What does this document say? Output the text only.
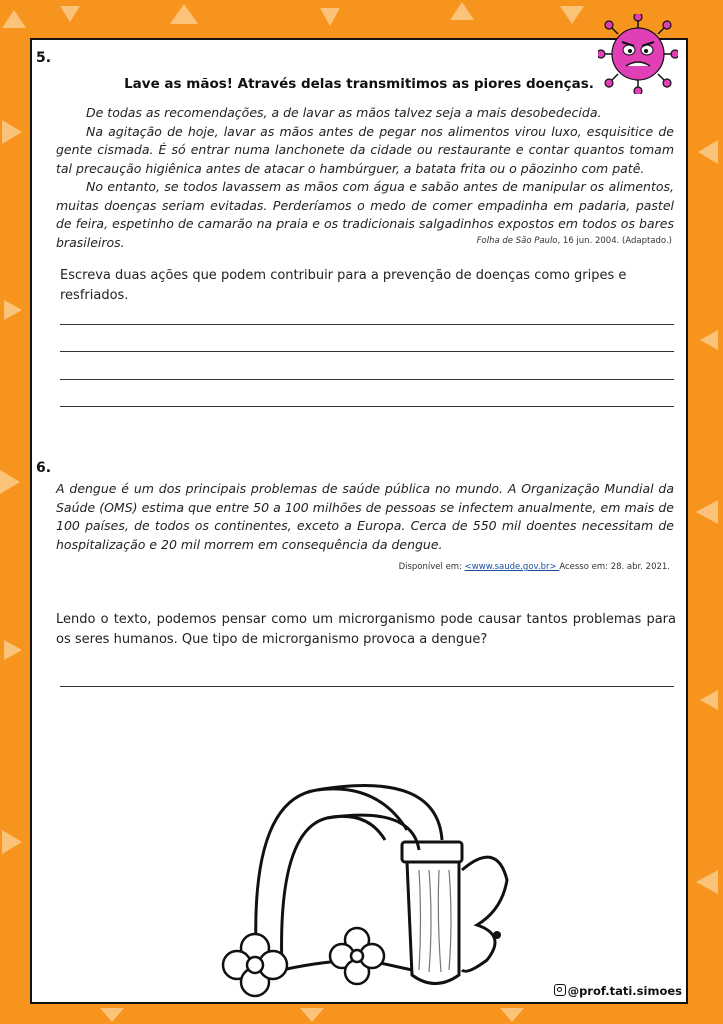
5.
Lave as mãos! Através delas transmitimos as piores doenças.

De todas as recomendações, a de lavar as mãos talvez seja a mais desobedecida.

Na agitação de hoje, lavar as mãos antes de pegar nos alimentos virou luxo, esquisitice de gente cismada. É só entrar numa lanchonete da cidade ou restaurante e contar quantos tomam tal precaução higiênica antes de atacar o hambúrguer, a batata frita ou o pãozinho com patê.

No entanto, se todos lavassem as mãos com água e sabão antes de manipular os alimentos, muitas doenças seriam evitadas. Perderíamos o medo de comer empadinha em padaria, pastel de feira, espetinho de camarão na praia e os tradicionais salgadinhos expostos em todos os bares brasileiros.	Folha de São Paulo, 16 jun. 2004. (Adaptado.)
Escreva duas ações que podem contribuir para a prevenção de doenças como gripes e resfriados.
6.
A dengue é um dos principais problemas de saúde pública no mundo. A Organização Mundial da Saúde (OMS) estima que entre 50 a 100 milhões de pessoas se infectem anualmente, em mais de 100 países, de todos os continentes, exceto a Europa. Cerca de 550 mil doentes necessitam de hospitalização e 20 mil morrem em consequência da dengue.
Disponível em: <www.saude.gov.br> Acesso em: 28. abr. 2021.
Lendo o texto, podemos pensar como um microrganismo pode causar tantos problemas para os seres humanos. Que tipo de microrganismo provoca a dengue?
@prof.tati.simoes
